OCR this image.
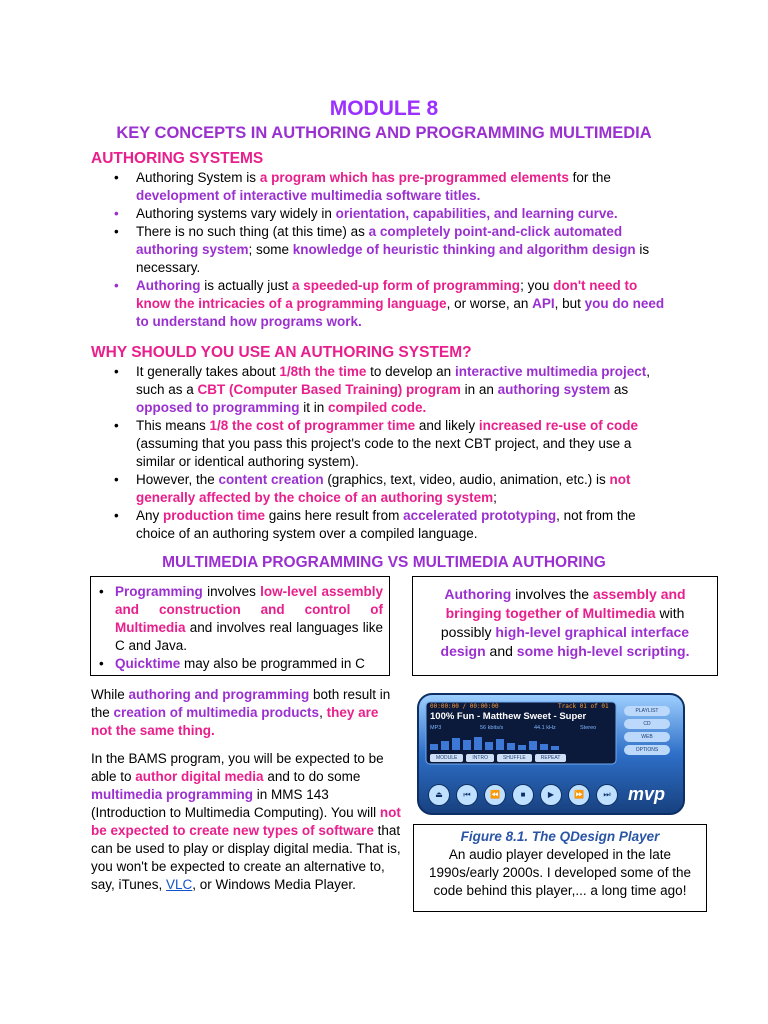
MODULE 8
KEY CONCEPTS IN AUTHORING AND PROGRAMMING MULTIMEDIA
AUTHORING SYSTEMS
• Authoring System is a program which has pre-programmed elements for the development of interactive multimedia software titles.
• Authoring systems vary widely in orientation, capabilities, and learning curve.
• There is no such thing (at this time) as a completely point-and-click automated authoring system; some knowledge of heuristic thinking and algorithm design is necessary.
• Authoring is actually just a speeded-up form of programming; you don't need to know the intricacies of a programming language, or worse, an API, but you do need to understand how programs work.
WHY SHOULD YOU USE AN AUTHORING SYSTEM?
• It generally takes about 1/8th the time to develop an interactive multimedia project, such as a CBT (Computer Based Training) program in an authoring system as opposed to programming it in compiled code.
• This means 1/8 the cost of programmer time and likely increased re-use of code (assuming that you pass this project's code to the next CBT project, and they use a similar or identical authoring system).
• However, the content creation (graphics, text, video, audio, animation, etc.) is not generally affected by the choice of an authoring system;
• Any production time gains here result from accelerated prototyping, not from the choice of an authoring system over a compiled language.
MULTIMEDIA PROGRAMMING VS MULTIMEDIA AUTHORING
• Programming involves low-level assembly and construction and control of Multimedia and involves real languages like C and Java.
• Quicktime may also be programmed in C
Authoring involves the assembly and bringing together of Multimedia with possibly high-level graphical interface design and some high-level scripting.
While authoring and programming both result in the creation of multimedia products, they are not the same thing.
In the BAMS program, you will be expected to be able to author digital media and to do some multimedia programming in MMS 143 (Introduction to Multimedia Computing). You will not be expected to create new types of software that can be used to play or display digital media. That is, you won't be expected to create an alternative to, say, iTunes, VLC, or Windows Media Player.
00:00:00 / 00:00:00	Track 01 of 01
100% Fun - Matthew Sweet - Super
MP3	56 kbits/s	44.1 kHz	Stereo
MODULE	INTRO	SHUFFLE	REPEAT
PLAYLIST
CD
WEB
OPTIONS
⏏	⏮	⏪	■	▶	⏩	⏭ mvp
Figure 8.1. The QDesign Player
An audio player developed in the late 1990s/early 2000s. I developed some of the code behind this player,... a long time ago!
